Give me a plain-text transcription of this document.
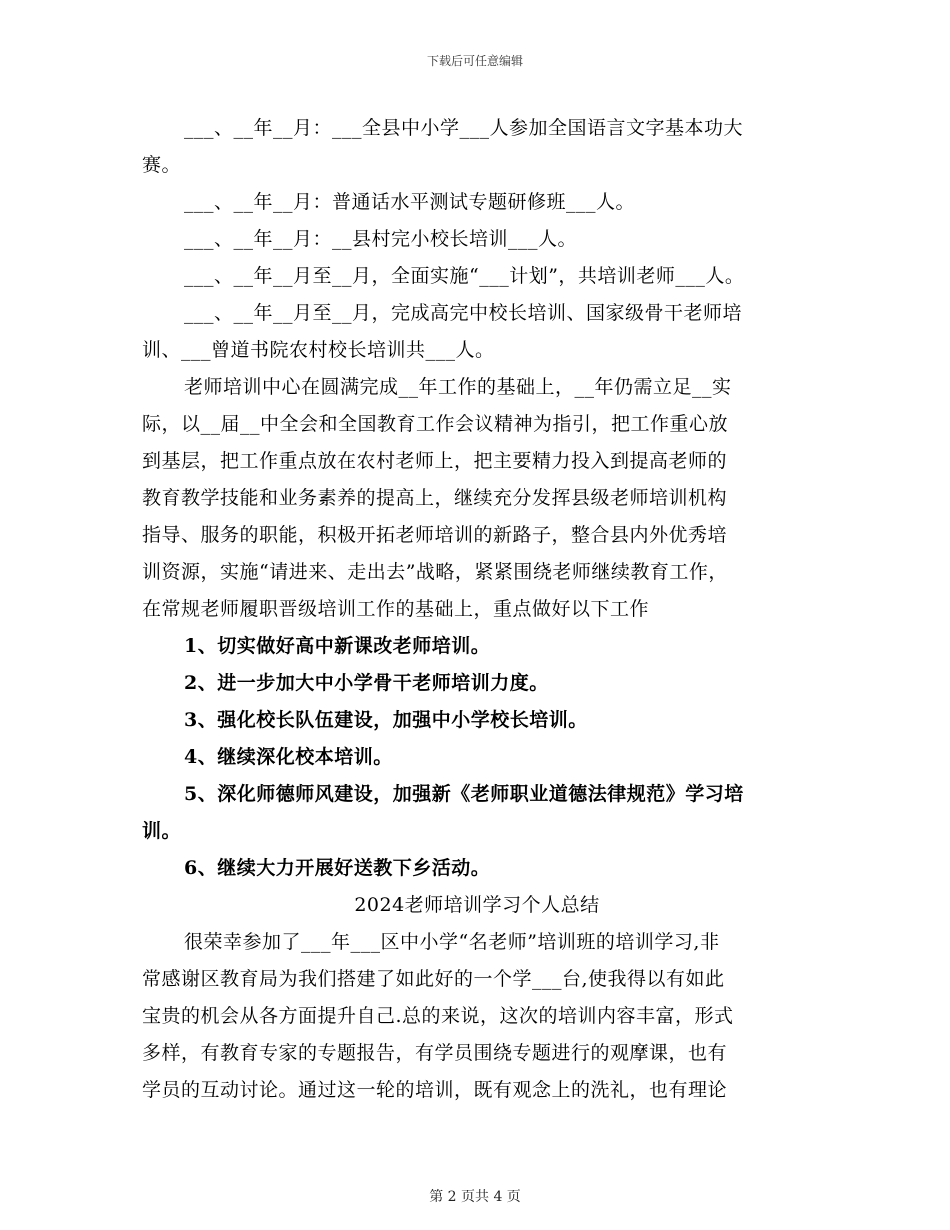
下载后可任意编辑
___、__年__月：___全县中小学___人参加全国语言文字基本功大
赛。
___、__年__月：普通话水平测试专题研修班___人。
___、__年__月：__县村完小校长培训___人。
___、__年__月至__月，全面实施“___计划”，共培训老师___人。
___、__年__月至__月，完成高完中校长培训、国家级骨干老师培
训、___曾道书院农村校长培训共___人。
老师培训中心在圆满完成__年工作的基础上，__年仍需立足__实
际，以__届__中全会和全国教育工作会议精神为指引，把工作重心放
到基层，把工作重点放在农村老师上，把主要精力投入到提高老师的
教育教学技能和业务素养的提高上，继续充分发挥县级老师培训机构
指导、服务的职能，积极开拓老师培训的新路子，整合县内外优秀培
训资源，实施“请进来、走出去”战略，紧紧围绕老师继续教育工作，
在常规老师履职晋级培训工作的基础上，重点做好以下工作
1、切实做好高中新课改老师培训。
2、进一步加大中小学骨干老师培训力度。
3、强化校长队伍建设，加强中小学校长培训。
4、继续深化校本培训。
5、深化师德师风建设，加强新《老师职业道德法律规范》学习培
训。
6、继续大力开展好送教下乡活动。
2024老师培训学习个人总结
很荣幸参加了___年___区中小学“名老师”培训班的培训学习,非
常感谢区教育局为我们搭建了如此好的一个学___台,使我得以有如此
宝贵的机会从各方面提升自己.总的来说，这次的培训内容丰富，形式
多样，有教育专家的专题报告，有学员围绕专题进行的观摩课，也有
学员的互动讨论。通过这一轮的培训，既有观念上的洗礼，也有理论
第 2 页共 4 页
